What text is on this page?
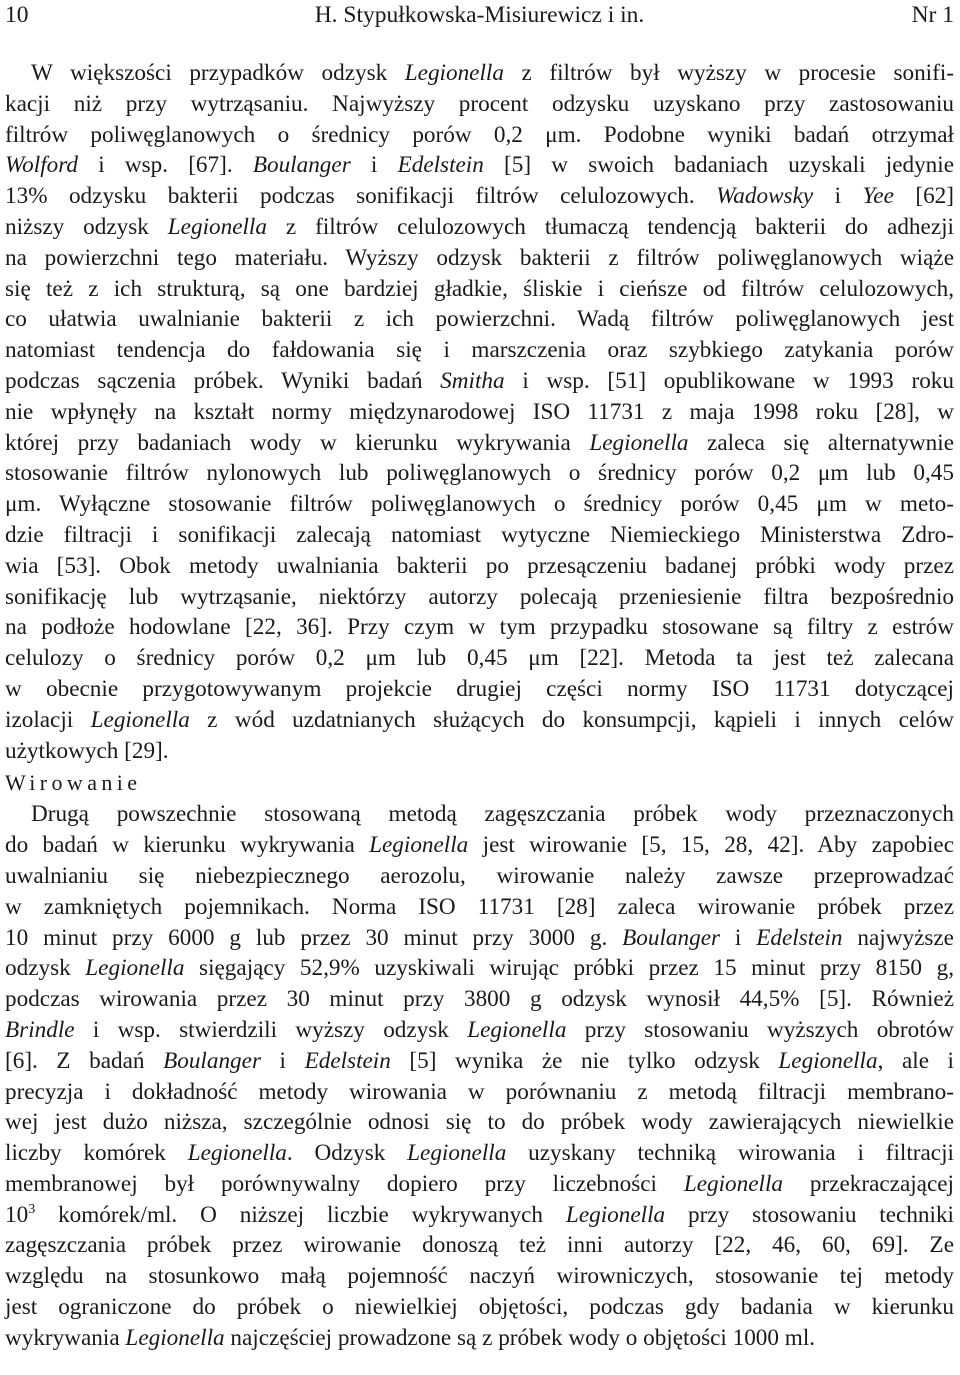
10	H. Stypułkowska-Misiurewicz i in.	Nr 1
W większości przypadków odzysk Legionella z filtrów był wyższy w procesie sonifi-
kacji niż przy wytrząsaniu. Najwyższy procent odzysku uzyskano przy zastosowaniu
filtrów poliwęglanowych o średnicy porów 0,2 μm. Podobne wyniki badań otrzymał
Wolford i wsp. [67]. Boulanger i Edelstein [5] w swoich badaniach uzyskali jedynie
13% odzysku bakterii podczas sonifikacji filtrów celulozowych. Wadowsky i Yee [62]
niższy odzysk Legionella z filtrów celulozowych tłumaczą tendencją bakterii do adhezji
na powierzchni tego materiału. Wyższy odzysk bakterii z filtrów poliwęglanowych wiąże
się też z ich strukturą, są one bardziej gładkie, śliskie i cieńsze od filtrów celulozowych,
co ułatwia uwalnianie bakterii z ich powierzchni. Wadą filtrów poliwęglanowych jest
natomiast tendencja do fałdowania się i marszczenia oraz szybkiego zatykania porów
podczas sączenia próbek. Wyniki badań Smitha i wsp. [51] opublikowane w 1993 roku
nie wpłynęły na kształt normy międzynarodowej ISO 11731 z maja 1998 roku [28], w
której przy badaniach wody w kierunku wykrywania Legionella zaleca się alternatywnie
stosowanie filtrów nylonowych lub poliwęglanowych o średnicy porów 0,2 μm lub 0,45
μm. Wyłączne stosowanie filtrów poliwęglanowych o średnicy porów 0,45 μm w meto-
dzie filtracji i sonifikacji zalecają natomiast wytyczne Niemieckiego Ministerstwa Zdro-
wia [53]. Obok metody uwalniania bakterii po przesączeniu badanej próbki wody przez
sonifikację lub wytrząsanie, niektórzy autorzy polecają przeniesienie filtra bezpośrednio
na podłoże hodowlane [22, 36]. Przy czym w tym przypadku stosowane są filtry z estrów
celulozy o średnicy porów 0,2 μm lub 0,45 μm [22]. Metoda ta jest też zalecana
w obecnie przygotowywanym projekcie drugiej części normy ISO 11731 dotyczącej
izolacji Legionella z wód uzdatnianych służących do konsumpcji, kąpieli i innych celów
użytkowych [29].
Wirowanie
Drugą powszechnie stosowaną metodą zagęszczania próbek wody przeznaczonych
do badań w kierunku wykrywania Legionella jest wirowanie [5, 15, 28, 42]. Aby zapobiec
uwalnianiu się niebezpiecznego aerozolu, wirowanie należy zawsze przeprowadzać
w zamkniętych pojemnikach. Norma ISO 11731 [28] zaleca wirowanie próbek przez
10 minut przy 6000 g lub przez 30 minut przy 3000 g. Boulanger i Edelstein najwyższe
odzysk Legionella sięgający 52,9% uzyskiwali wirując próbki przez 15 minut przy 8150 g,
podczas wirowania przez 30 minut przy 3800 g odzysk wynosił 44,5% [5]. Również
Brindle i wsp. stwierdzili wyższy odzysk Legionella przy stosowaniu wyższych obrotów
[6]. Z badań Boulanger i Edelstein [5] wynika że nie tylko odzysk Legionella, ale i
precyzja i dokładność metody wirowania w porównaniu z metodą filtracji membrano-
wej jest dużo niższa, szczególnie odnosi się to do próbek wody zawierających niewielkie
liczby komórek Legionella. Odzysk Legionella uzyskany techniką wirowania i filtracji
membranowej był porównywalny dopiero przy liczebności Legionella przekraczającej
$10^3$ komórek/ml. O niższej liczbie wykrywanych Legionella przy stosowaniu techniki
zagęszczania próbek przez wirowanie donoszą też inni autorzy [22, 46, 60, 69]. Ze
względu na stosunkowo małą pojemność naczyń wirowniczych, stosowanie tej metody
jest ograniczone do próbek o niewielkiej objętości, podczas gdy badania w kierunku
wykrywania Legionella najczęściej prowadzone są z próbek wody o objętości 1000 ml.
